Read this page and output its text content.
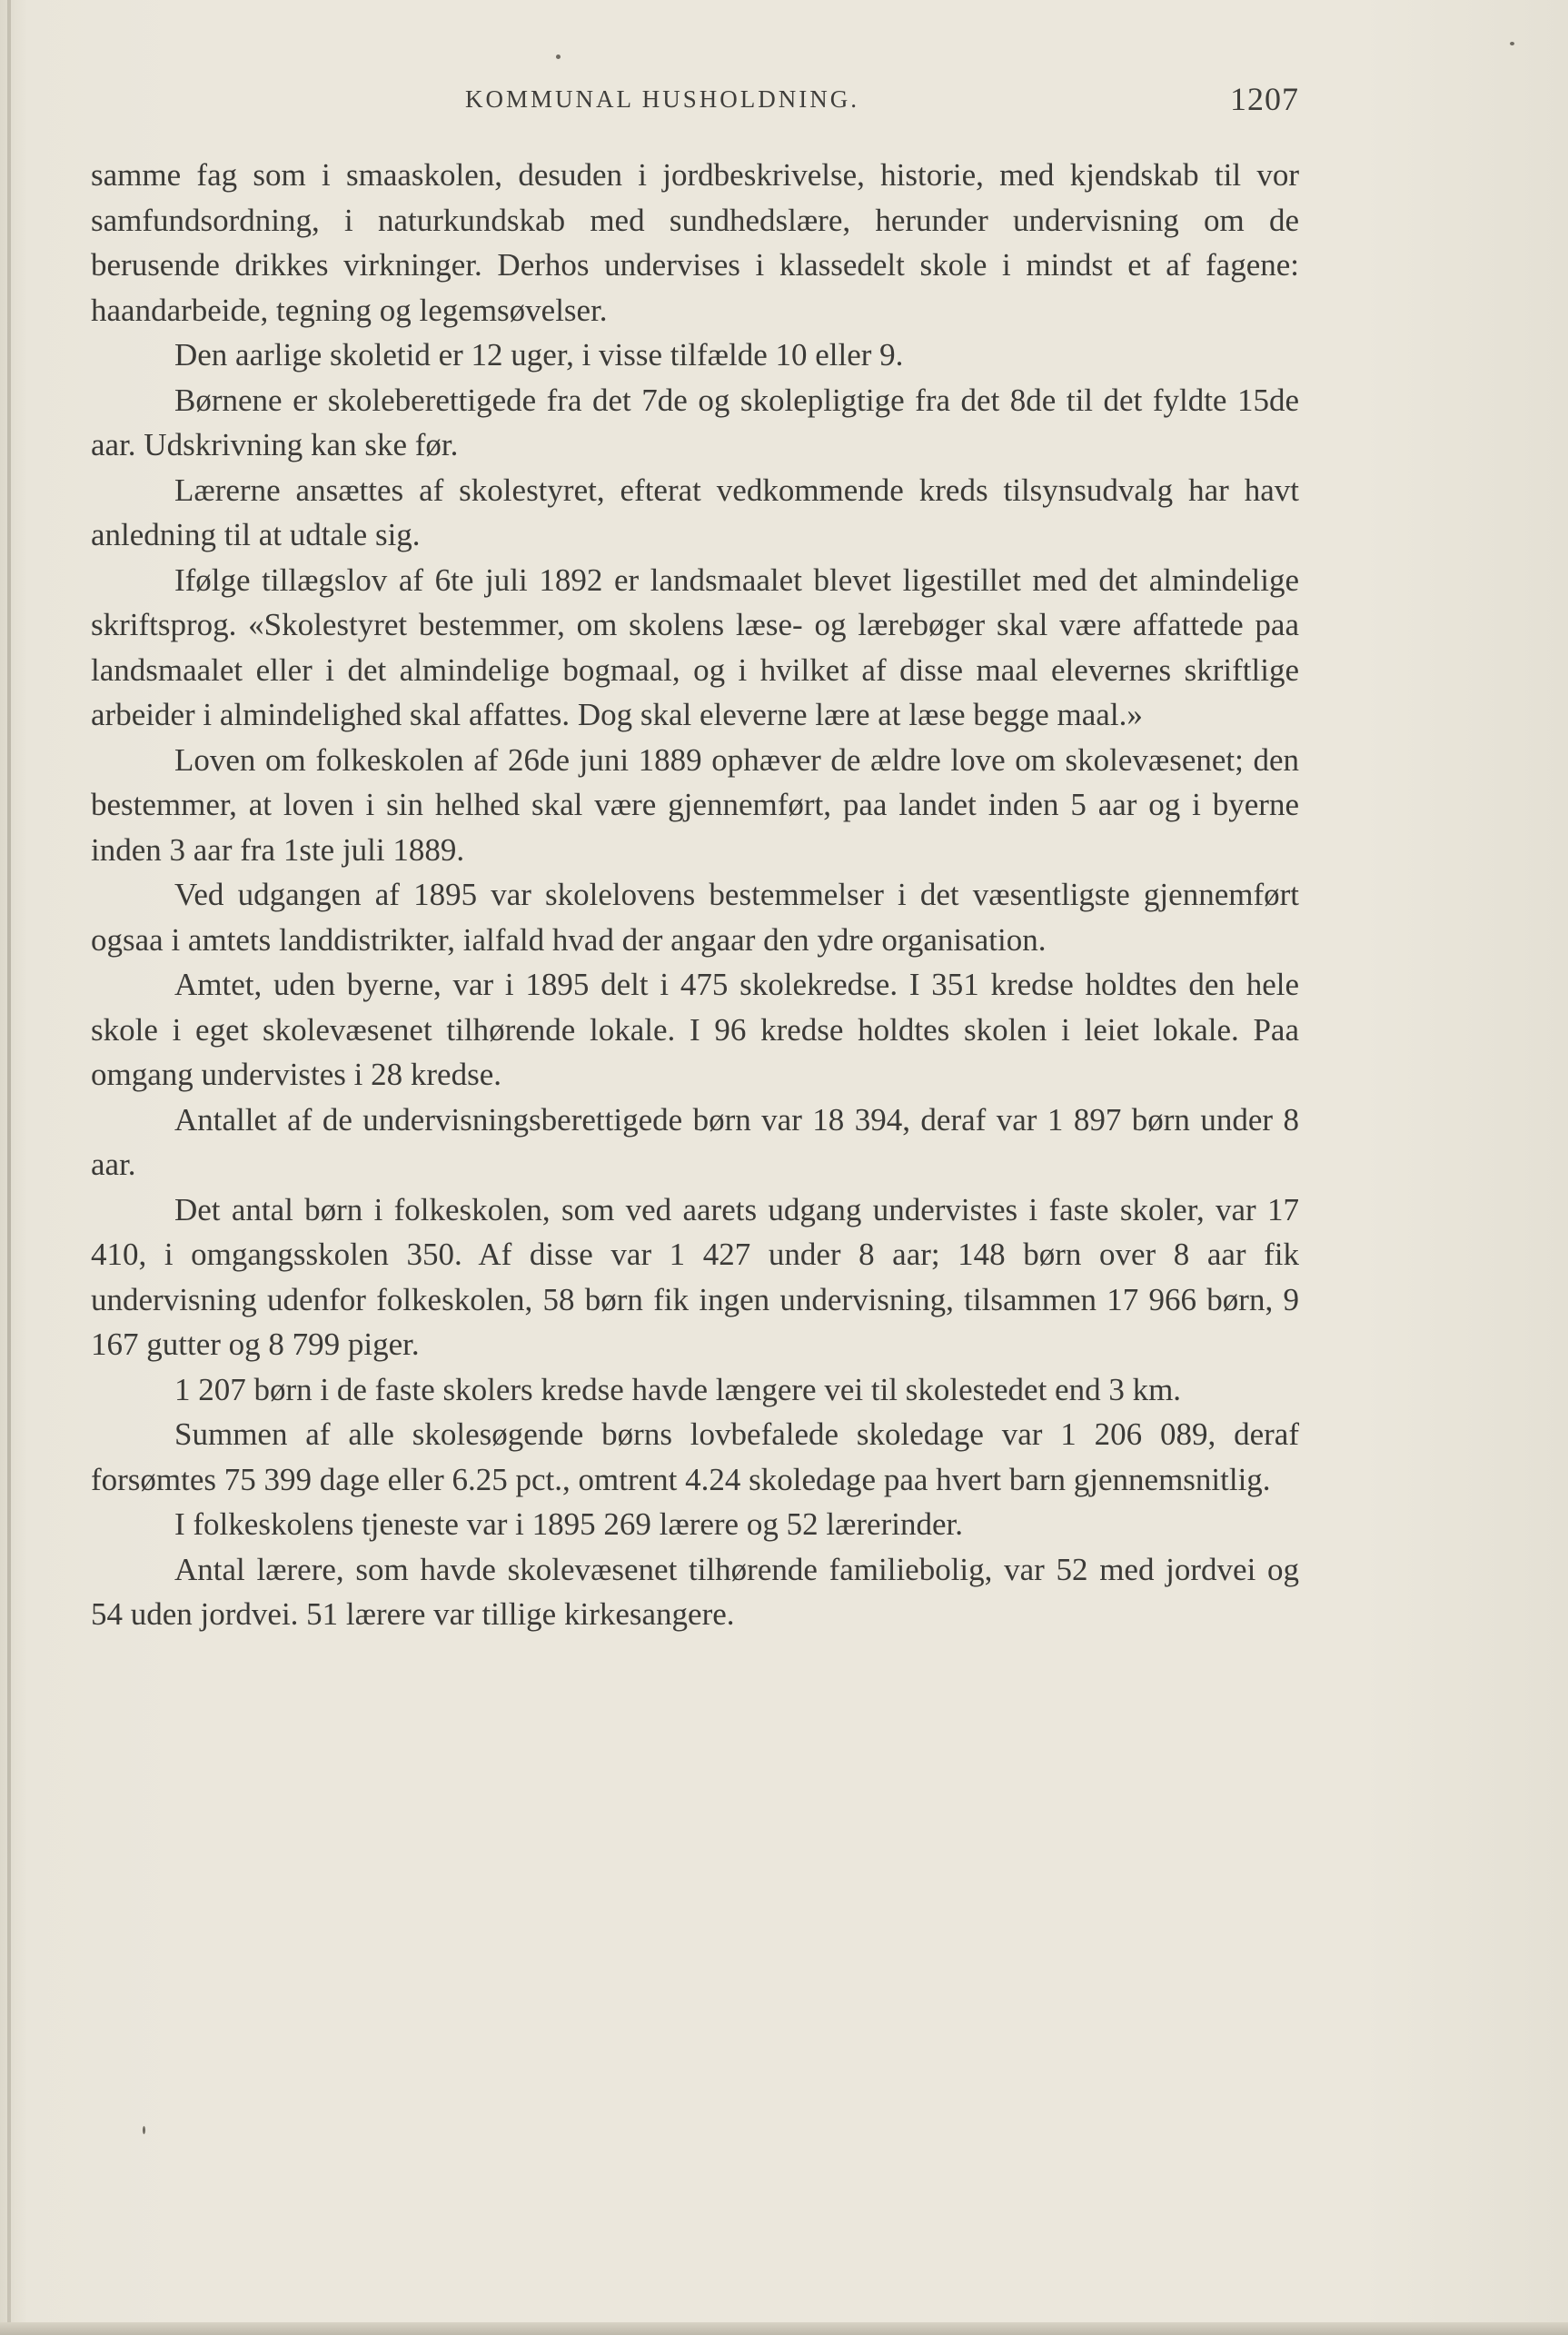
KOMMUNAL HUSHOLDNING.	1207

samme fag som i smaaskolen, desuden i jordbeskrivelse, historie, med kjendskab til vor samfundsordning, i naturkundskab med sundhedslære, herunder undervisning om de berusende drikkes virkninger. Derhos undervises i klassedelt skole i mindst et af fagene: haandarbeide, tegning og legemsøvelser.

Den aarlige skoletid er 12 uger, i visse tilfælde 10 eller 9.

Børnene er skoleberettigede fra det 7de og skolepligtige fra det 8de til det fyldte 15de aar. Udskrivning kan ske før.

Lærerne ansættes af skolestyret, efterat vedkommende kreds tilsynsudvalg har havt anledning til at udtale sig.

Ifølge tillægslov af 6te juli 1892 er landsmaalet blevet ligestillet med det almindelige skriftsprog. «Skolestyret bestemmer, om skolens læse- og lærebøger skal være affattede paa landsmaalet eller i det almindelige bogmaal, og i hvilket af disse maal elevernes skriftlige arbeider i almindelighed skal affattes. Dog skal eleverne lære at læse begge maal.»

Loven om folkeskolen af 26de juni 1889 ophæver de ældre love om skolevæsenet; den bestemmer, at loven i sin helhed skal være gjennemført, paa landet inden 5 aar og i byerne inden 3 aar fra 1ste juli 1889.

Ved udgangen af 1895 var skolelovens bestemmelser i det væsentligste gjennemført ogsaa i amtets landdistrikter, ialfald hvad der angaar den ydre organisation.

Amtet, uden byerne, var i 1895 delt i 475 skolekredse. I 351 kredse holdtes den hele skole i eget skolevæsenet tilhørende lokale. I 96 kredse holdtes skolen i leiet lokale. Paa omgang undervistes i 28 kredse.

Antallet af de undervisningsberettigede børn var 18 394, deraf var 1 897 børn under 8 aar.

Det antal børn i folkeskolen, som ved aarets udgang undervistes i faste skoler, var 17 410, i omgangsskolen 350. Af disse var 1 427 under 8 aar; 148 børn over 8 aar fik undervisning udenfor folkeskolen, 58 børn fik ingen undervisning, tilsammen 17 966 børn, 9 167 gutter og 8 799 piger.

1 207 børn i de faste skolers kredse havde længere vei til skolestedet end 3 km.

Summen af alle skolesøgende børns lovbefalede skoledage var 1 206 089, deraf forsømtes 75 399 dage eller 6.25 pct., omtrent 4.24 skoledage paa hvert barn gjennemsnitlig.

I folkeskolens tjeneste var i 1895 269 lærere og 52 lærerinder.

Antal lærere, som havde skolevæsenet tilhørende familiebolig, var 52 med jordvei og 54 uden jordvei. 51 lærere var tillige kirkesangere.
